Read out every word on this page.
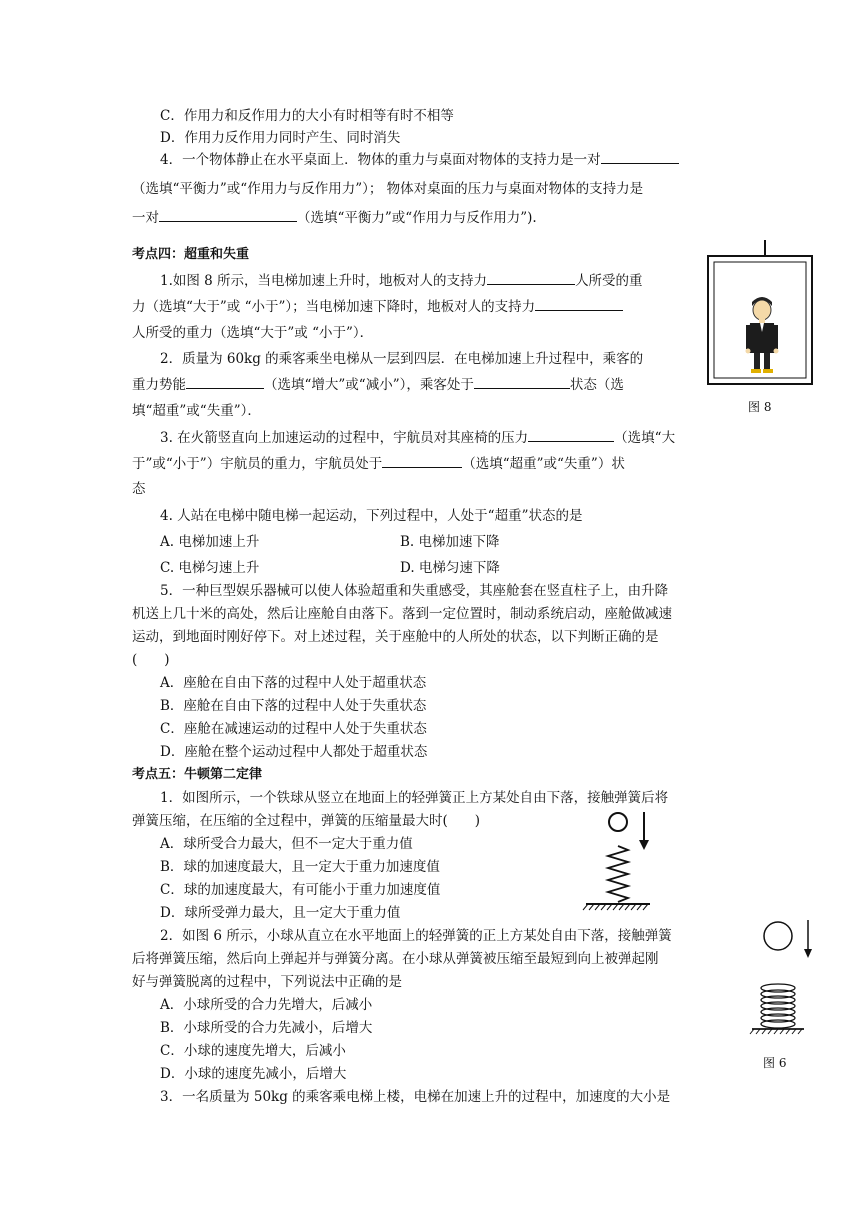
C．作用力和反作用力的大小有时相等有时不相等
D．作用力反作用力同时产生、同时消失
4．一个物体静止在水平桌面上．物体的重力与桌面对物体的支持力是一对
（选填“平衡力”或“作用力与反作用力”）； 物体对桌面的压力与桌面对物体的支持力是
一对	（选填“平衡力”或“作用力与反作用力”).
考点四：超重和失重
1.如图 8 所示，当电梯加速上升时，地板对人的支持力	人所受的重
力（选填“大于”或 “小于”）；当电梯加速下降时，地板对人的支持力
人所受的重力（选填“大于”或 “小于”）．
2．质量为 60kg 的乘客乘坐电梯从一层到四层．在电梯加速上升过程中，乘客的
重力势能	（选填“增大”或“减小”），乘客处于	状态（选
填“超重”或“失重”）．
3. 在火箭竖直向上加速运动的过程中，宇航员对其座椅的压力	（选填“大
于”或“小于”）宇航员的重力，宇航员处于	（选填“超重”或“失重”）状
态
4. 人站在电梯中随电梯一起运动，下列过程中，人处于“超重”状态的是
A. 电梯加速上升	B. 电梯加速下降
C. 电梯匀速上升	D. 电梯匀速下降
5．一种巨型娱乐器械可以使人体验超重和失重感受，其座舱套在竖直柱子上，由升降
机送上几十米的高处，然后让座舱自由落下。落到一定位置时，制动系统启动，座舱做减速
运动，到地面时刚好停下。对上述过程，关于座舱中的人所处的状态，以下判断正确的是
(　　)
A．座舱在自由下落的过程中人处于超重状态
B．座舱在自由下落的过程中人处于失重状态
C．座舱在减速运动的过程中人处于失重状态
D．座舱在整个运动过程中人都处于超重状态
考点五：牛顿第二定律
1．如图所示，一个铁球从竖立在地面上的轻弹簧正上方某处自由下落，接触弹簧后将
弹簧压缩，在压缩的全过程中，弹簧的压缩量最大时(　　)
A．球所受合力最大，但不一定大于重力值
B．球的加速度最大，且一定大于重力加速度值
C．球的加速度最大，有可能小于重力加速度值
D．球所受弹力最大，且一定大于重力值
2．如图 6 所示，小球从直立在水平地面上的轻弹簧的正上方某处自由下落，接触弹簧
后将弹簧压缩，然后向上弹起并与弹簧分离。在小球从弹簧被压缩至最短到向上被弹起刚
好与弹簧脱离的过程中，下列说法中正确的是
A．小球所受的合力先增大，后减小
B．小球所受的合力先减小，后增大
C．小球的速度先增大，后减小
D．小球的速度先减小，后增大
3．一名质量为 50kg 的乘客乘电梯上楼，电梯在加速上升的过程中，加速度的大小是
图 8
图 6
